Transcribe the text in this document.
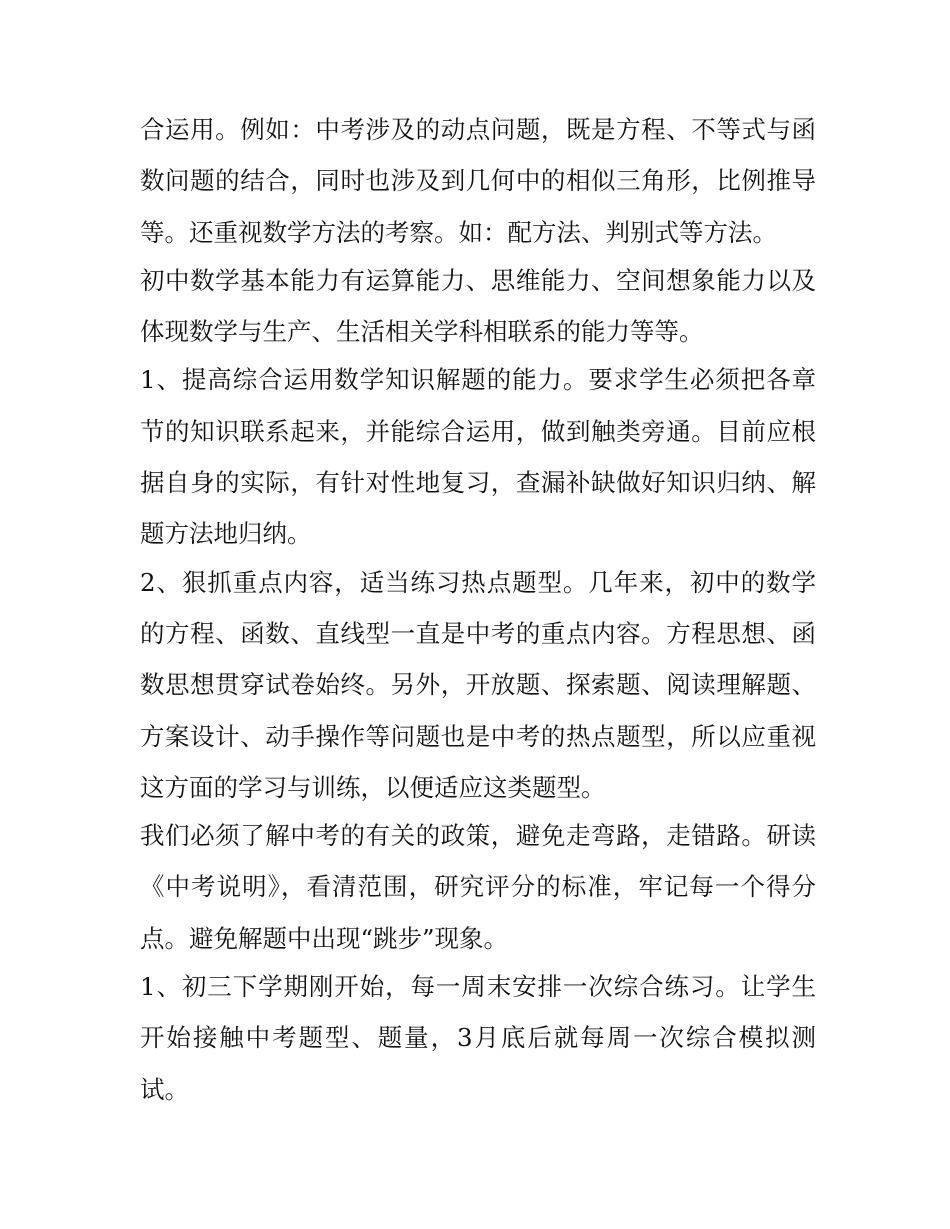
合运用。例如：中考涉及的动点问题，既是方程、不等式与函数问题的结合，同时也涉及到几何中的相似三角形，比例推导等。还重视数学方法的考察。如：配方法、判别式等方法。

初中数学基本能力有运算能力、思维能力、空间想象能力以及体现数学与生产、生活相关学科相联系的能力等等。

1、提高综合运用数学知识解题的能力。要求学生必须把各章节的知识联系起来，并能综合运用，做到触类旁通。目前应根据自身的实际，有针对性地复习，查漏补缺做好知识归纳、解题方法地归纳。

2、狠抓重点内容，适当练习热点题型。几年来，初中的数学的方程、函数、直线型一直是中考的重点内容。方程思想、函数思想贯穿试卷始终。另外，开放题、探索题、阅读理解题、方案设计、动手操作等问题也是中考的热点题型，所以应重视这方面的学习与训练，以便适应这类题型。

我们必须了解中考的有关的政策，避免走弯路，走错路。研读《中考说明》，看清范围，研究评分的标准，牢记每一个得分点。避免解题中出现“跳步”现象。

1、初三下学期刚开始，每一周末安排一次综合练习。让学生开始接触中考题型、题量，3月底后就每周一次综合模拟测试。
